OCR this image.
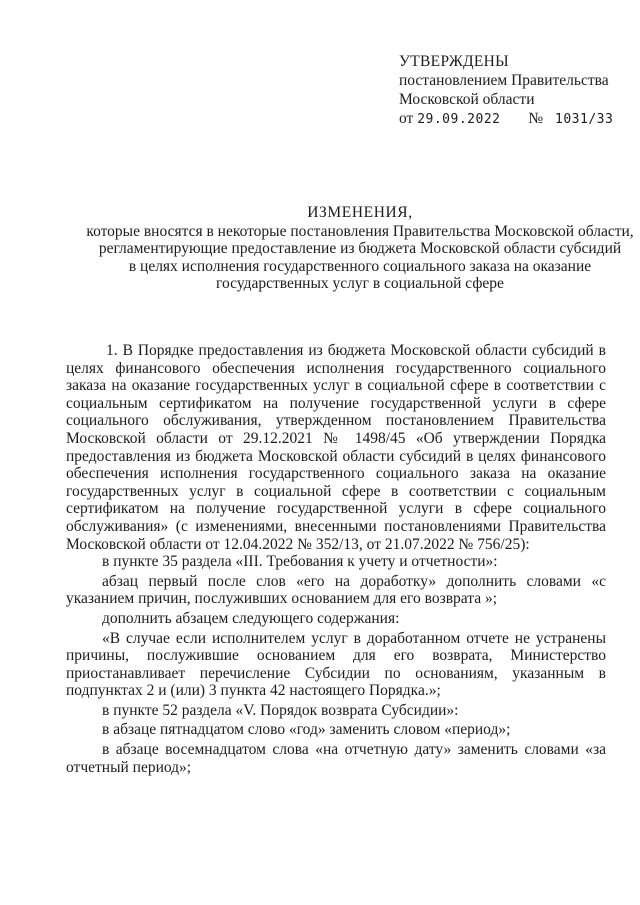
УТВЕРЖДЕНЫ
постановлением Правительства
Московской области
от 29.09.2022 № 1031/33
ИЗМЕНЕНИЯ,
которые вносятся в некоторые постановления Правительства Московской области,
регламентирующие предоставление из бюджета Московской области субсидий
в целях исполнения государственного социального заказа на оказание
государственных услуг в социальной сфере

1. В Порядке предоставления из бюджета Московской области субсидий в целях финансового обеспечения исполнения государственного социального заказа на оказание государственных услуг в социальной сфере в соответствии с социальным сертификатом на получение государственной услуги в сфере социального обслуживания, утвержденном постановлением Правительства Московской области от 29.12.2021 № 1498/45 «Об утверждении Порядка предоставления из бюджета Московской области субсидий в целях финансового обеспечения исполнения государственного социального заказа на оказание государственных услуг в социальной сфере в соответствии с социальным сертификатом на получение государственной услуги в сфере социального обслуживания» (с изменениями, внесенными постановлениями Правительства Московской области от 12.04.2022 № 352/13, от 21.07.2022 № 756/25):

в пункте 35 раздела «III. Требования к учету и отчетности»:

абзац первый после слов «его на доработку» дополнить словами «с указанием причин, послуживших основанием для его возврата »;

дополнить абзацем следующего содержания:

«В случае если исполнителем услуг в доработанном отчете не устранены причины, послужившие основанием для его возврата, Министерство приостанавливает перечисление Субсидии по основаниям, указанным в подпунктах 2 и (или) 3 пункта 42 настоящего Порядка.»;

в пункте 52 раздела «V. Порядок возврата Субсидии»:

в абзаце пятнадцатом слово «год» заменить словом «период»;

в абзаце восемнадцатом слова «на отчетную дату» заменить словами «за отчетный период»;
